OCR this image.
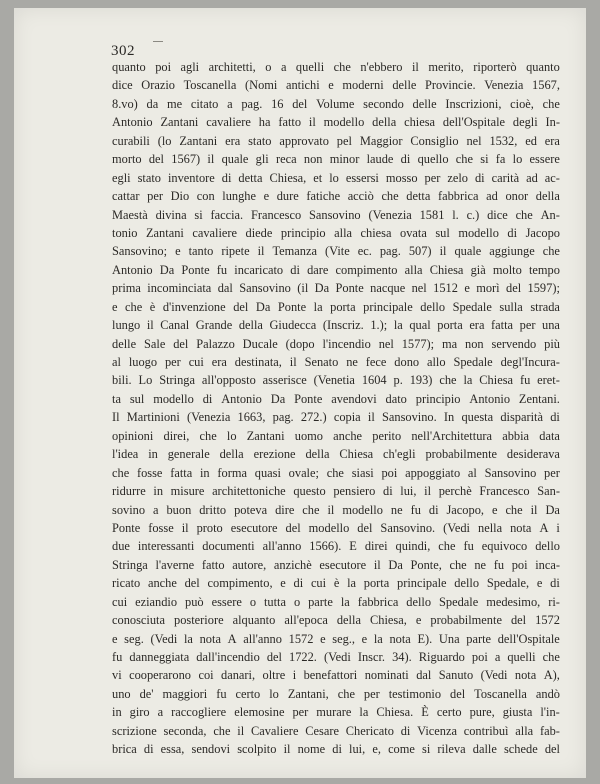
302
quanto poi agli architetti, o a quelli che n'ebbero il merito, riporterò quanto
dice Orazio Toscanella (Nomi antichi e moderni delle Provincie. Venezia 1567,
8.vo) da me citato a pag. 16 del Volume secondo delle Inscrizioni, cioè, che
Antonio Zantani cavaliere ha fatto il modello della chiesa dell'Ospitale degli In-
curabili (lo Zantani era stato approvato pel Maggior Consiglio nel 1532, ed era
morto del 1567) il quale gli reca non minor laude di quello che si fa lo essere
egli stato inventore di detta Chiesa, et lo essersi mosso per zelo di carità ad ac-
cattar per Dio con lunghe e dure fatiche acciò che detta fabbrica ad onor della
Maestà divina si faccia. Francesco Sansovino (Venezia 1581 l. c.) dice che An-
tonio Zantani cavaliere diede principio alla chiesa ovata sul modello di Jacopo
Sansovino; e tanto ripete il Temanza (Vite ec. pag. 507) il quale aggiunge che
Antonio Da Ponte fu incaricato di dare compimento alla Chiesa già molto tempo
prima incominciata dal Sansovino (il Da Ponte nacque nel 1512 e morì del 1597);
e che è d'invenzione del Da Ponte la porta principale dello Spedale sulla strada
lungo il Canal Grande della Giudecca (Inscriz. 1.); la qual porta era fatta per una
delle Sale del Palazzo Ducale (dopo l'incendio nel 1577); ma non servendo più
al luogo per cui era destinata, il Senato ne fece dono allo Spedale degl'Incura-
bili. Lo Stringa all'opposto asserisce (Venetia 1604 p. 193) che la Chiesa fu eret-
ta sul modello di Antonio Da Ponte avendovi dato principio Antonio Zentani.
Il Martinioni (Venezia 1663, pag. 272.) copia il Sansovino. In questa disparità di
opinioni direi, che lo Zantani uomo anche perito nell'Architettura abbia data
l'idea in generale della erezione della Chiesa ch'egli probabilmente desiderava
che fosse fatta in forma quasi ovale; che siasi poi appoggiato al Sansovino per
ridurre in misure architettoniche questo pensiero di lui, il perchè Francesco San-
sovino a buon dritto poteva dire che il modello ne fu di Jacopo, e che il Da
Ponte fosse il proto esecutore del modello del Sansovino. (Vedi nella nota A i
due interessanti documenti all'anno 1566). E direi quindi, che fu equivoco dello
Stringa l'averne fatto autore, anzichè esecutore il Da Ponte, che ne fu poi inca-
ricato anche del compimento, e di cui è la porta principale dello Spedale, e di
cui eziandio può essere o tutta o parte la fabbrica dello Spedale medesimo, ri-
conosciuta posteriore alquanto all'epoca della Chiesa, e probabilmente del 1572
e seg. (Vedi la nota A all'anno 1572 e seg., e la nota E). Una parte dell'Ospitale
fu danneggiata dall'incendio del 1722. (Vedi Inscr. 34). Riguardo poi a quelli che
vi cooperarono coi danari, oltre i benefattori nominati dal Sanuto (Vedi nota A),
uno de' maggiori fu certo lo Zantani, che per testimonio del Toscanella andò
in giro a raccogliere elemosine per murare la Chiesa. È certo pure, giusta l'in-
scrizione seconda, che il Cavaliere Cesare Chericato di Vicenza contribuì alla fab-
brica di essa, sendovi scolpito il nome di lui, e, come si rileva dalle schede del
